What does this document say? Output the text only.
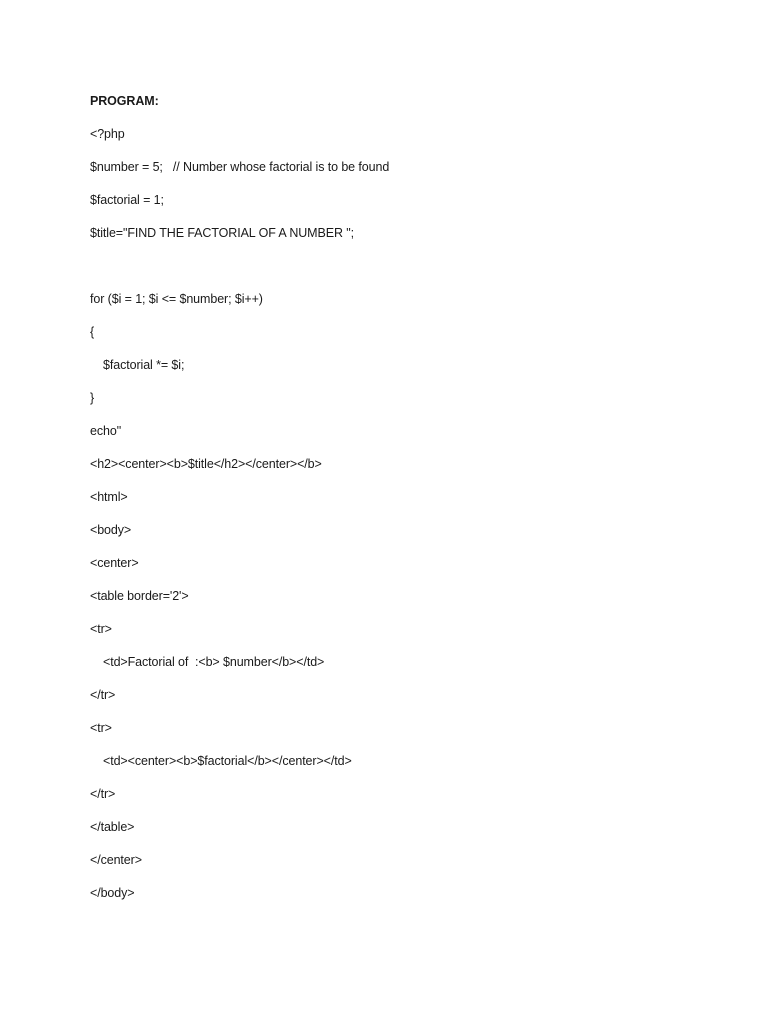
PROGRAM:
<?php
$number = 5;   // Number whose factorial is to be found
$factorial = 1;
$title="FIND THE FACTORIAL OF A NUMBER ";
for ($i = 1; $i <= $number; $i++)
{
$factorial *= $i;
}
echo"
<h2><center><b>$title</h2></center></b>
<html>
<body>
<center>
<table border='2'>
<tr>
<td>Factorial of  :<b> $number</b></td>
</tr>
<tr>
<td><center><b>$factorial</b></center></td>
</tr>
</table>
</center>
</body>
